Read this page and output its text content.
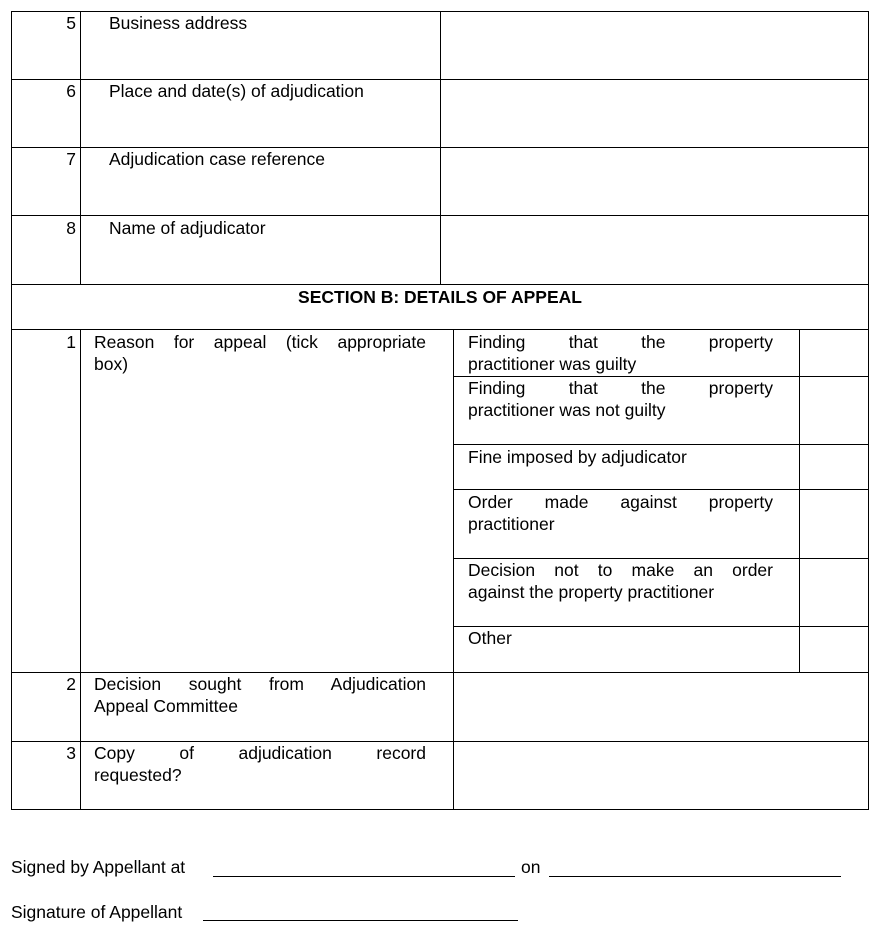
5 Business address
6 Place and date(s) of adjudication
7 Adjudication case reference
8 Name of adjudicator
SECTION B: DETAILS OF APPEAL
1 Reason for appeal (tick appropriate
box)
Finding that the property
practitioner was guilty
Finding that the property
practitioner was not guilty
Fine imposed by adjudicator
Order made against property
practitioner
Decision not to make an order
against the property practitioner
Other
2 Decision sought from Adjudication
Appeal Committee
3 Copy of adjudication record
requested?
Signed by Appellant at	on
Signature of Appellant
